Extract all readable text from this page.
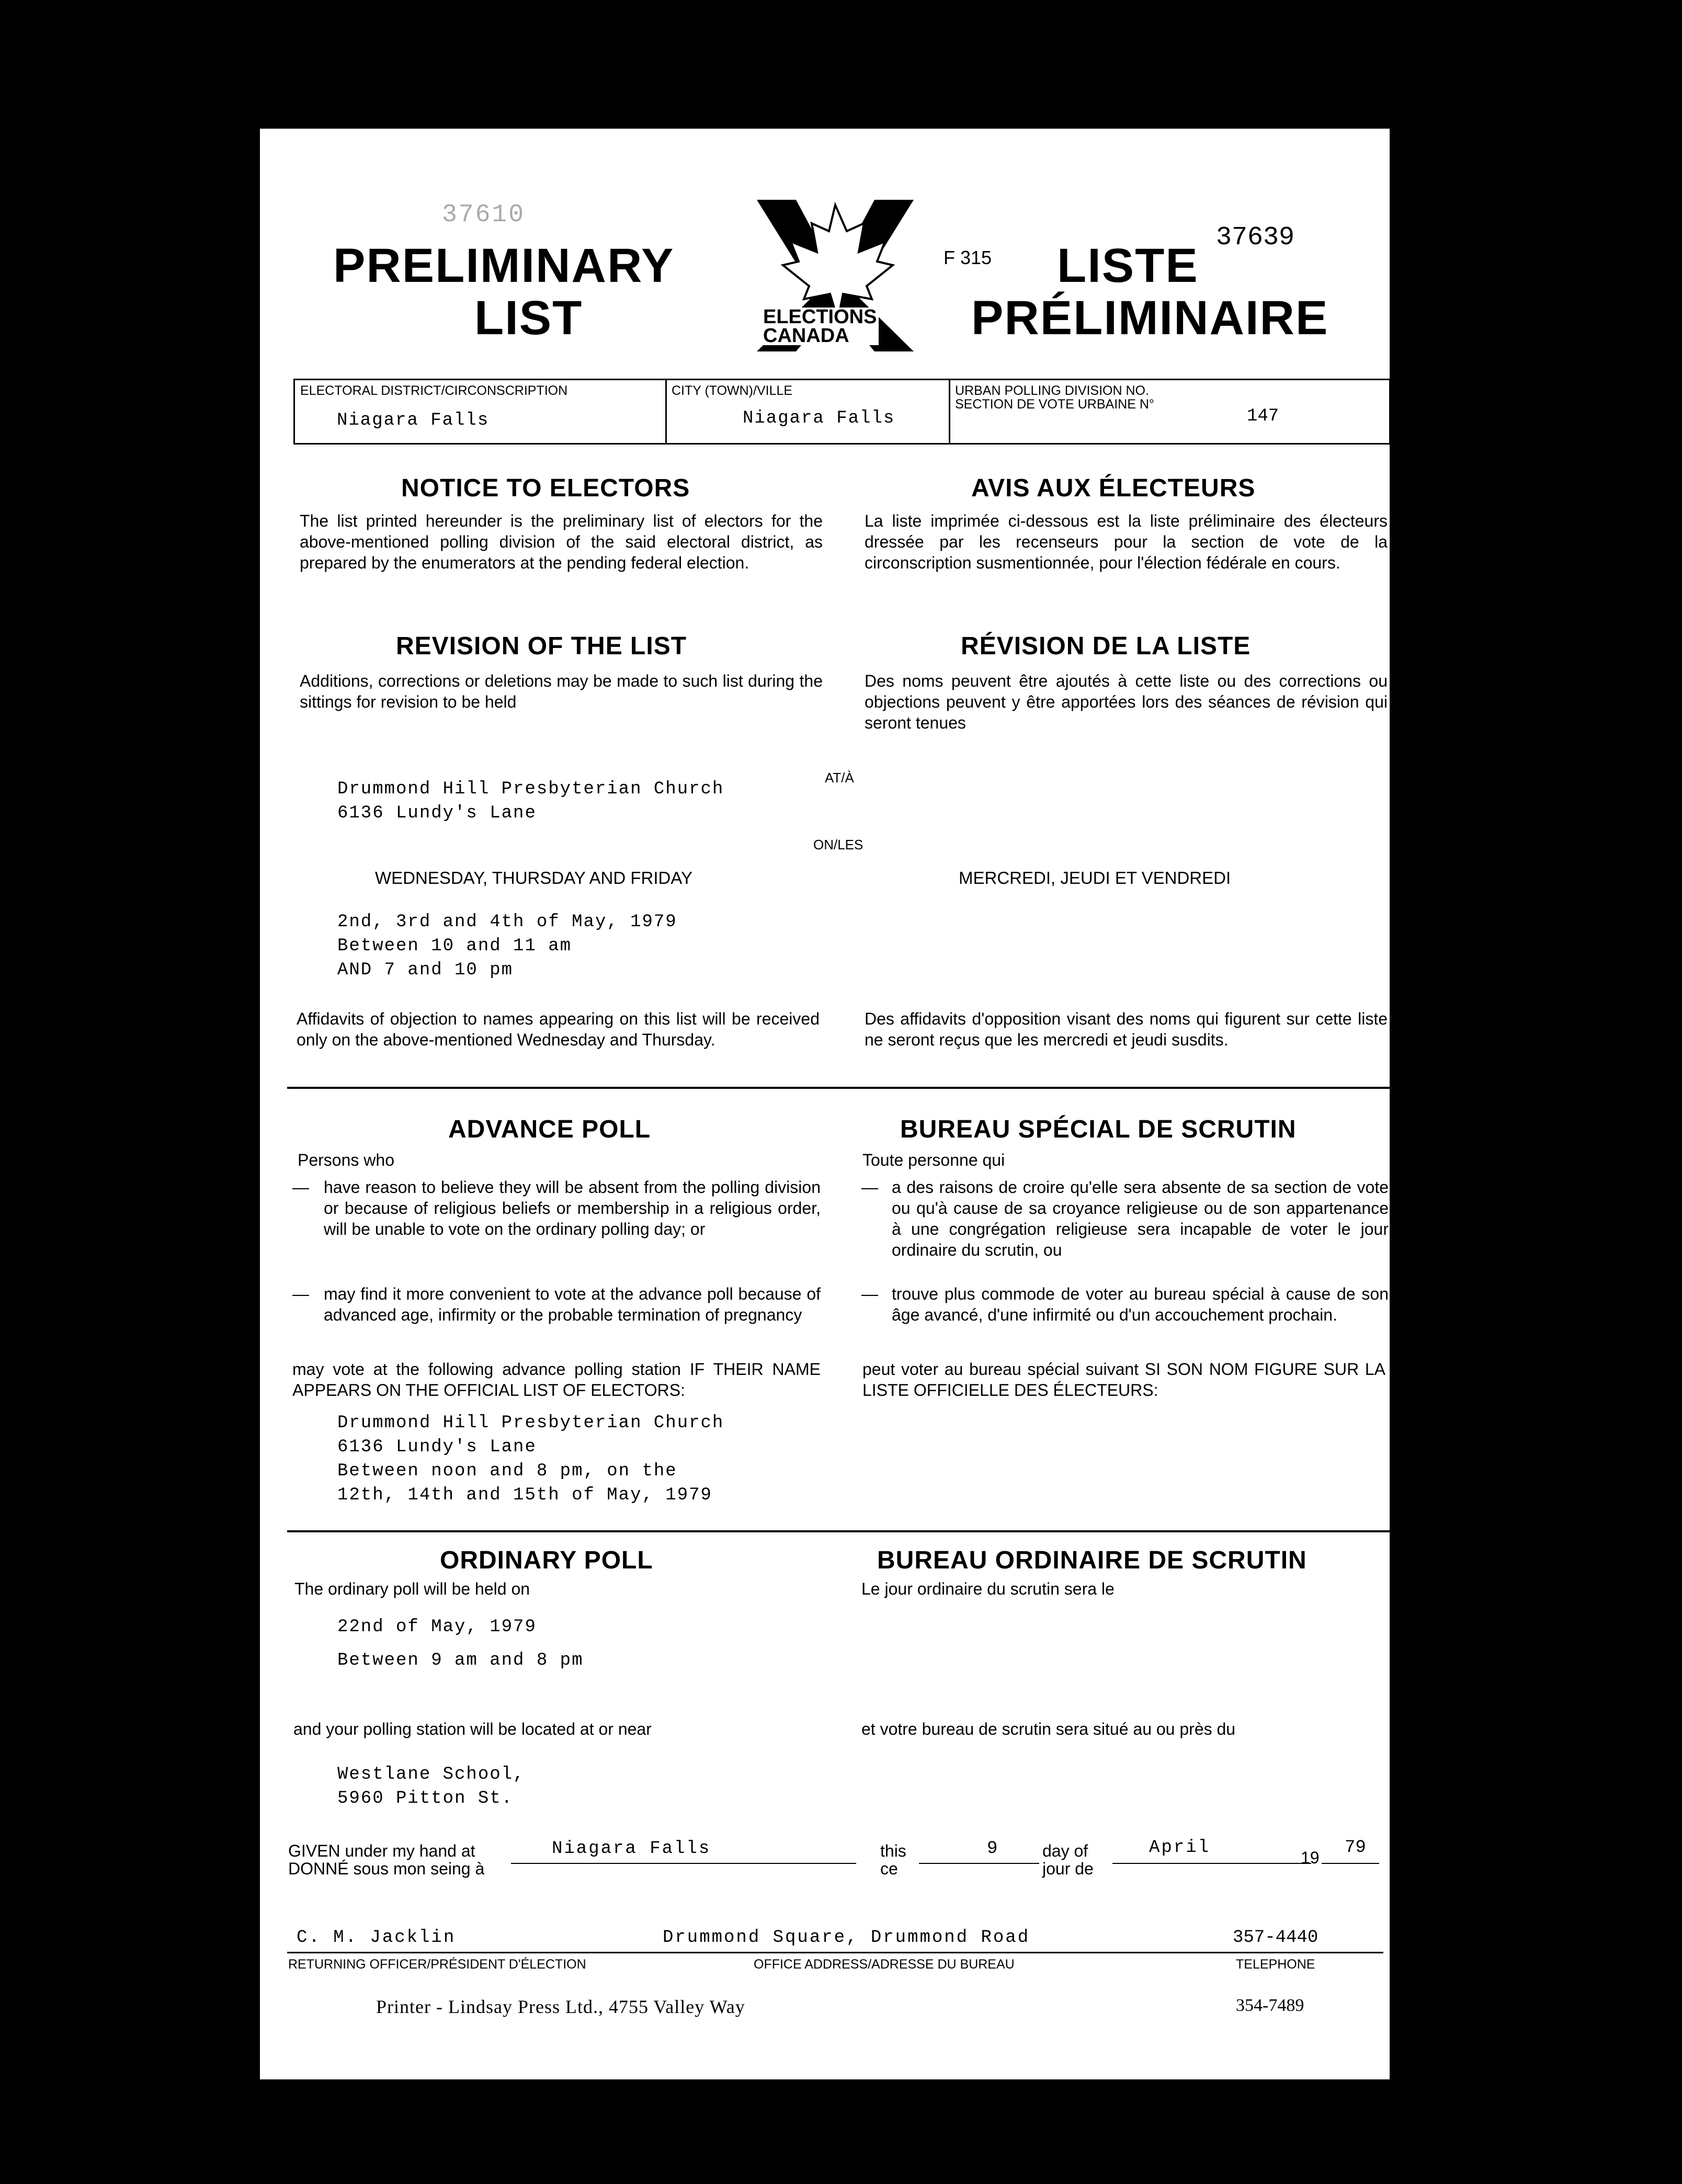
37610
PRELIMINARY
LIST	ELECTIONS
CANADA
F 315
37639
LISTE
PRÉLIMINAIRE
ELECTORAL DISTRICT/CIRCONSCRIPTION
Niagara Falls
CITY (TOWN)/VILLE
Niagara Falls
URBAN POLLING DIVISION NO.
SECTION DE VOTE URBAINE N°
147
NOTICE TO ELECTORS	AVIS AUX ÉLECTEURS
The list printed hereunder is the preliminary list of electors for the above-mentioned polling division of the said electoral district, as prepared by the enumerators at the pending federal election.
La liste imprimée ci-dessous est la liste préliminaire des électeurs dressée par les recenseurs pour la section de vote de la circonscription susmentionnée, pour l'élection fédérale en cours.
REVISION OF THE LIST	RÉVISION DE LA LISTE
Additions, corrections or deletions may be made to such list during the sittings for revision to be held
Des noms peuvent être ajoutés à cette liste ou des corrections ou objections peuvent y être apportées lors des séances de révision qui seront tenues
AT/À
Drummond Hill Presbyterian Church
6136 Lundy's Lane
ON/LES
WEDNESDAY, THURSDAY AND FRIDAY	MERCREDI, JEUDI ET VENDREDI
2nd, 3rd and 4th of May, 1979
Between 10 and 11 am
AND 7 and 10 pm
Affidavits of objection to names appearing on this list will be received only on the above-mentioned Wednesday and Thursday.
Des affidavits d'opposition visant des noms qui figurent sur cette liste ne seront reçus que les mercredi et jeudi susdits.
ADVANCE POLL	BUREAU SPÉCIAL DE SCRUTIN
Persons who	Toute personne qui
— have reason to believe they will be absent from the polling division or because of religious beliefs or membership in a religious order, will be unable to vote on the ordinary polling day; or
— may find it more convenient to vote at the advance poll because of advanced age, infirmity or the probable termination of pregnancy
— a des raisons de croire qu'elle sera absente de sa section de vote ou qu'à cause de sa croyance religieuse ou de son appartenance à une congrégation religieuse sera incapable de voter le jour ordinaire du scrutin, ou
— trouve plus commode de voter au bureau spécial à cause de son âge avancé, d'une infirmité ou d'un accouchement prochain.
may vote at the following advance polling station IF THEIR NAME APPEARS ON THE OFFICIAL LIST OF ELECTORS:
peut voter au bureau spécial suivant SI SON NOM FIGURE SUR LA LISTE OFFICIELLE DES ÉLECTEURS:
Drummond Hill Presbyterian Church
6136 Lundy's Lane
Between noon and 8 pm, on the
12th, 14th and 15th of May, 1979
ORDINARY POLL	BUREAU ORDINAIRE DE SCRUTIN
The ordinary poll will be held on	Le jour ordinaire du scrutin sera le
22nd of May, 1979
Between 9 am and 8 pm
and your polling station will be located at or near	et votre bureau de scrutin sera situé au ou près du
Westlane School,
5960 Pitton St.
GIVEN under my hand at
DONNÉ sous mon seing à
Niagara Falls	this
ce
9	day of
jour de
April	19 79
C. M. Jacklin	Drummond Square, Drummond Road	357-4440
RETURNING OFFICER/PRÉSIDENT D'ÉLECTION	OFFICE ADDRESS/ADRESSE DU BUREAU	TELEPHONE
Printer - Lindsay Press Ltd., 4755 Valley Way	354-7489
